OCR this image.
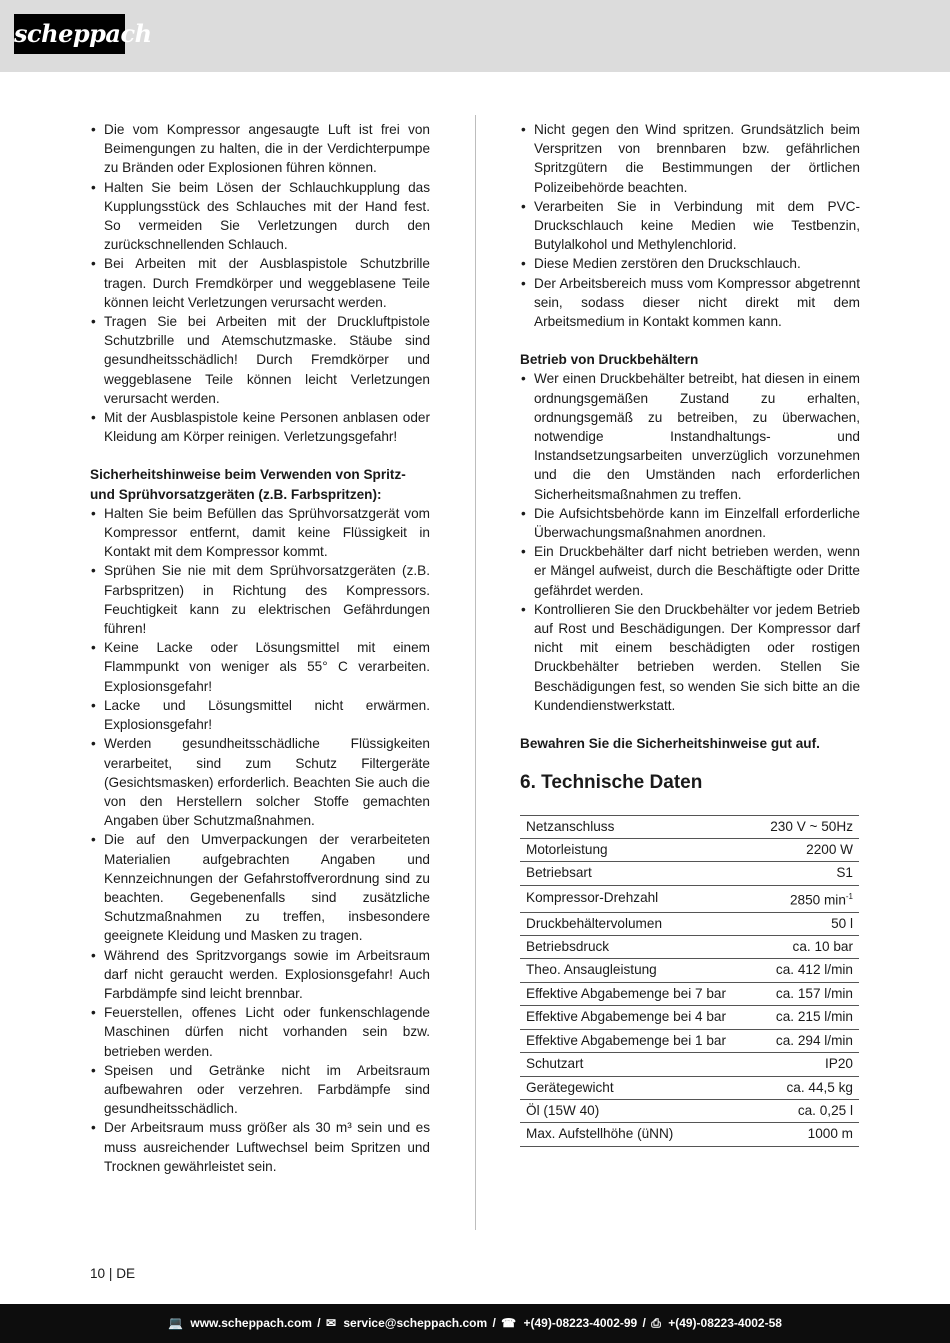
scheppach
• Die vom Kompressor angesaugte Luft ist frei von Beimengungen zu halten, die in der Verdichterpumpe zu Bränden oder Explosionen führen können.
• Halten Sie beim Lösen der Schlauchkupplung das Kupplungsstück des Schlauches mit der Hand fest. So vermeiden Sie Verletzungen durch den zurückschnellenden Schlauch.
• Bei Arbeiten mit der Ausblaspistole Schutzbrille tragen. Durch Fremdkörper und weggeblasene Teile können leicht Verletzungen verursacht werden.
• Tragen Sie bei Arbeiten mit der Druckluftpistole Schutzbrille und Atemschutzmaske. Stäube sind gesundheitsschädlich! Durch Fremdkörper und weggeblasene Teile können leicht Verletzungen verursacht werden.
• Mit der Ausblaspistole keine Personen anblasen oder Kleidung am Körper reinigen. Verletzungsgefahr!
Sicherheitshinweise beim Verwenden von Spritz- und Sprühvorsatzgeräten (z.B. Farbspritzen):
• Halten Sie beim Befüllen das Sprühvorsatzgerät vom Kompressor entfernt, damit keine Flüssigkeit in Kontakt mit dem Kompressor kommt.
• Sprühen Sie nie mit dem Sprühvorsatzgeräten (z.B. Farbspritzen) in Richtung des Kompressors. Feuchtigkeit kann zu elektrischen Gefährdungen führen!
• Keine Lacke oder Lösungsmittel mit einem Flammpunkt von weniger als 55° C verarbeiten. Explosionsgefahr!
• Lacke und Lösungsmittel nicht erwärmen. Explosionsgefahr!
• Werden gesundheitsschädliche Flüssigkeiten verarbeitet, sind zum Schutz Filtergeräte (Gesichtsmasken) erforderlich. Beachten Sie auch die von den Herstellern solcher Stoffe gemachten Angaben über Schutzmaßnahmen.
• Die auf den Umverpackungen der verarbeiteten Materialien aufgebrachten Angaben und Kennzeichnungen der Gefahrstoffverordnung sind zu beachten. Gegebenenfalls sind zusätzliche Schutzmaßnahmen zu treffen, insbesondere geeignete Kleidung und Masken zu tragen.
• Während des Spritzvorgangs sowie im Arbeitsraum darf nicht geraucht werden. Explosionsgefahr! Auch Farbdämpfe sind leicht brennbar.
• Feuerstellen, offenes Licht oder funkenschlagende Maschinen dürfen nicht vorhanden sein bzw. betrieben werden.
• Speisen und Getränke nicht im Arbeitsraum aufbewahren oder verzehren. Farbdämpfe sind gesundheitsschädlich.
• Der Arbeitsraum muss größer als 30 m³ sein und es muss ausreichender Luftwechsel beim Spritzen und Trocknen gewährleistet sein.
• Nicht gegen den Wind spritzen. Grundsätzlich beim Verspritzen von brennbaren bzw. gefährlichen Spritzgütern die Bestimmungen der örtlichen Polizeibehörde beachten.
• Verarbeiten Sie in Verbindung mit dem PVC-Druckschlauch keine Medien wie Testbenzin, Butylalkohol und Methylenchlorid.
• Diese Medien zerstören den Druckschlauch.
• Der Arbeitsbereich muss vom Kompressor abgetrennt sein, sodass dieser nicht direkt mit dem Arbeitsmedium in Kontakt kommen kann.
Betrieb von Druckbehältern
• Wer einen Druckbehälter betreibt, hat diesen in einem ordnungsgemäßen Zustand zu erhalten, ordnungsgemäß zu betreiben, zu überwachen, notwendige Instandhaltungs- und Instandsetzungsarbeiten unverzüglich vorzunehmen und die den Umständen nach erforderlichen Sicherheitsmaßnahmen zu treffen.
• Die Aufsichtsbehörde kann im Einzelfall erforderliche Überwachungsmaßnahmen anordnen.
• Ein Druckbehälter darf nicht betrieben werden, wenn er Mängel aufweist, durch die Beschäftigte oder Dritte gefährdet werden.
• Kontrollieren Sie den Druckbehälter vor jedem Betrieb auf Rost und Beschädigungen. Der Kompressor darf nicht mit einem beschädigten oder rostigen Druckbehälter betrieben werden. Stellen Sie Beschädigungen fest, so wenden Sie sich bitte an die Kundendienstwerkstatt.
Bewahren Sie die Sicherheitshinweise gut auf.
6. Technische Daten
Netzanschluss	230 V ~ 50Hz
Motorleistung	2200 W
Betriebsart	S1
Kompressor-Drehzahl	2850 $\min^{-1}$
Druckbehältervolumen	50 l
Betriebsdruck	ca. 10 bar
Theo. Ansaugleistung	ca. 412 l/min
Effektive Abgabemenge bei 7 bar	ca. 157 l/min
Effektive Abgabemenge bei 4 bar	ca. 215 l/min
Effektive Abgabemenge bei 1 bar	ca. 294 l/min
Schutzart	IP20
Gerätegewicht	ca. 44,5 kg
Öl (15W 40)	ca. 0,25 l
Max. Aufstellhöhe (üNN)	1000 m
10 | DE
💻 www.scheppach.com / ✉ service@scheppach.com / ☎ +(49)-08223-4002-99 / ⎙ +(49)-08223-4002-58
